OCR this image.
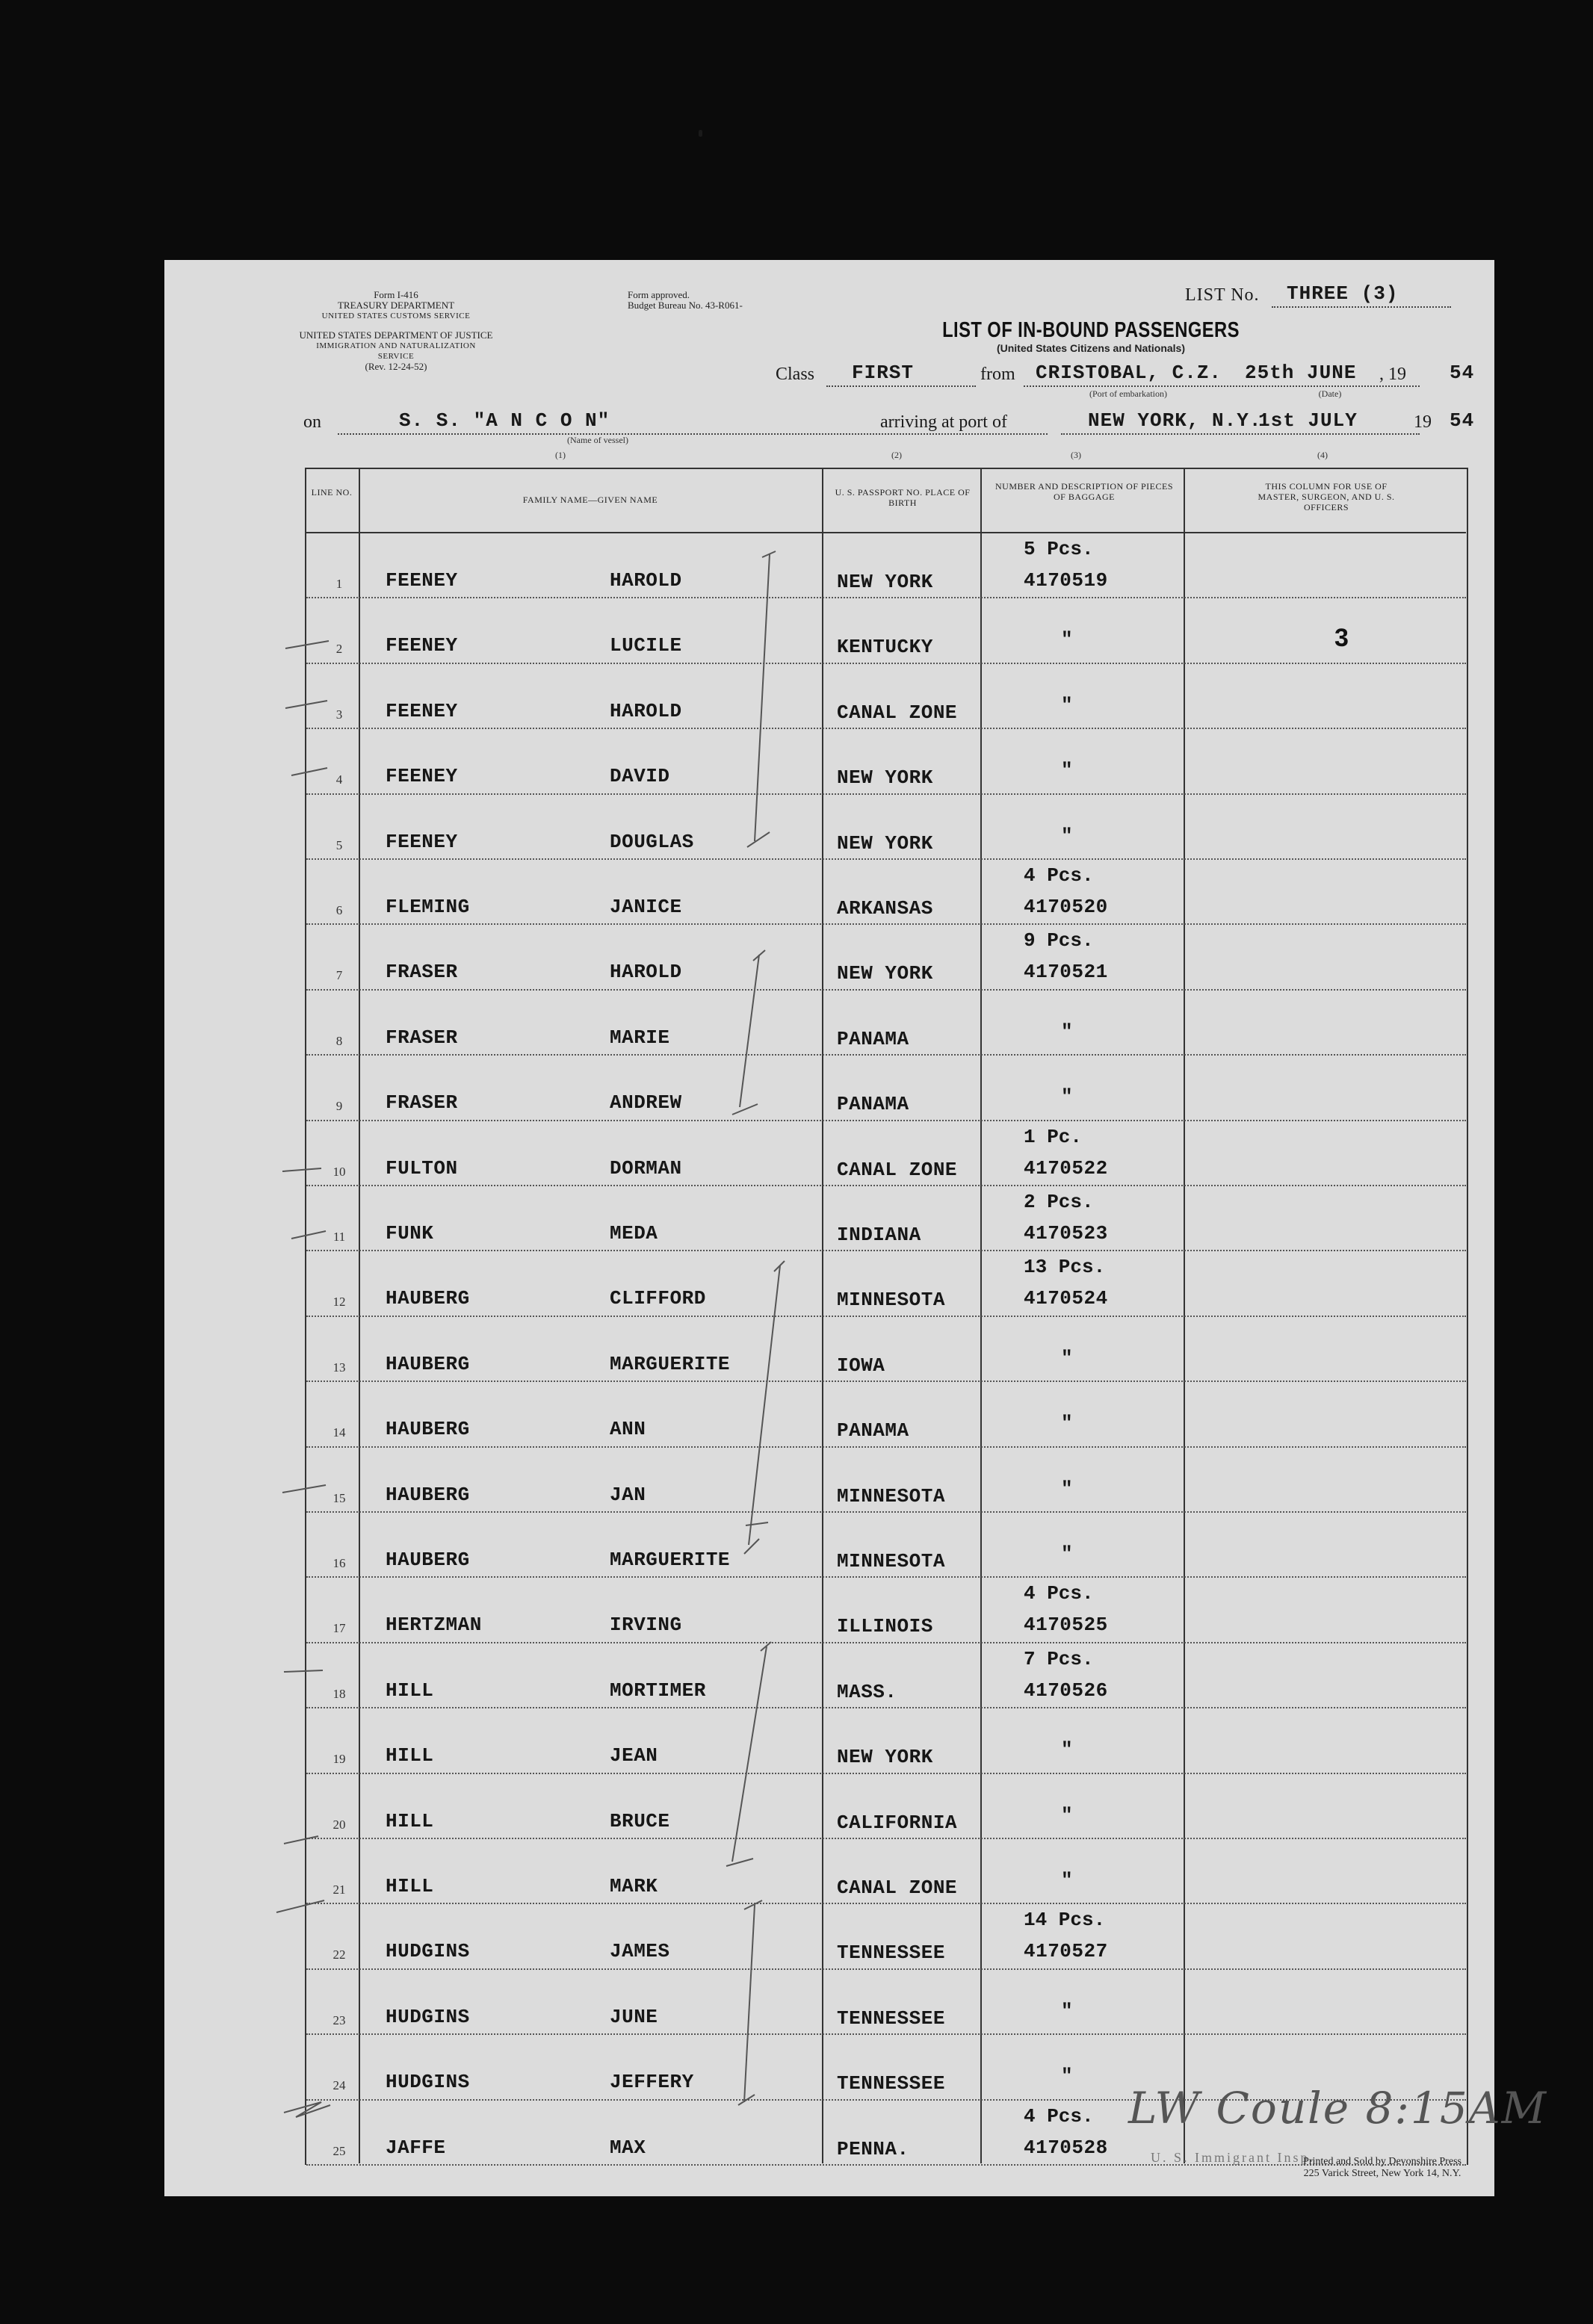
Form I-416
TREASURY DEPARTMENT
UNITED STATES CUSTOMS SERVICE
UNITED STATES DEPARTMENT OF JUSTICE
IMMIGRATION AND NATURALIZATION SERVICE
(Rev. 12-24-52)
Form approved.
Budget Bureau No. 43-R061-
LIST No. THREE (3)
LIST OF IN-BOUND PASSENGERS
(United States Citizens and Nationals)
Class FIRST	from CRISTOBAL, C.Z. 25th JUNE , 19 54
(Port of embarkation)	(Date)
on	S. S. "A N C O N"
(Name of vessel)
arriving at port of	NEW YORK, N.Y.
1st JULY	19 54
(1)	(2)	(3)	(4)
LINE NO.
FAMILY NAME—GIVEN NAME
U. S. PASSPORT NO. PLACE OF BIRTH
NUMBER AND DESCRIPTION OF PIECES OF BAGGAGE
THIS COLUMN FOR USE OF MASTER, SURGEON, AND U. S. OFFICERS
1	FEENEY	HAROLD	NEW YORK
5 Pcs.
4170519
2	FEENEY	LUCILE	KENTUCKY	"	3
3	FEENEY	HAROLD	CANAL ZONE	"
4	FEENEY	DAVID	NEW YORK	"
5	FEENEY	DOUGLAS	NEW YORK	"
6	FLEMING	JANICE	ARKANSAS
4 Pcs.
4170520
7	FRASER	HAROLD	NEW YORK
9 Pcs.
4170521
8	FRASER	MARIE	PANAMA	"
9	FRASER	ANDREW	PANAMA	"
10	FULTON	DORMAN	CANAL ZONE
1 Pc.
4170522
11	FUNK	MEDA	INDIANA
2 Pcs.
4170523
12	HAUBERG	CLIFFORD	MINNESOTA
13 Pcs.
4170524
13	HAUBERG	MARGUERITE	IOWA	"
14	HAUBERG	ANN	PANAMA	"
15	HAUBERG	JAN	MINNESOTA	"
16	HAUBERG	MARGUERITE	MINNESOTA	"
17	HERTZMAN	IRVING	ILLINOIS
4 Pcs.
4170525
18	HILL	MORTIMER	MASS.
7 Pcs.
4170526
19	HILL	JEAN	NEW YORK	"
20	HILL	BRUCE	CALIFORNIA	"
21	HILL	MARK	CANAL ZONE	"
22	HUDGINS	JAMES	TENNESSEE
14 Pcs.
4170527
23	HUDGINS	JUNE	TENNESSEE	"
24	HUDGINS	JEFFERY	TENNESSEE	"
25	JAFFE	MAX	PENNA.
4 Pcs.
4170528	U. S. Immigrant Insp.
LW Coule 8:15AM
Printed and Sold by Devonshire Press
225 Varick Street, New York 14, N.Y.
